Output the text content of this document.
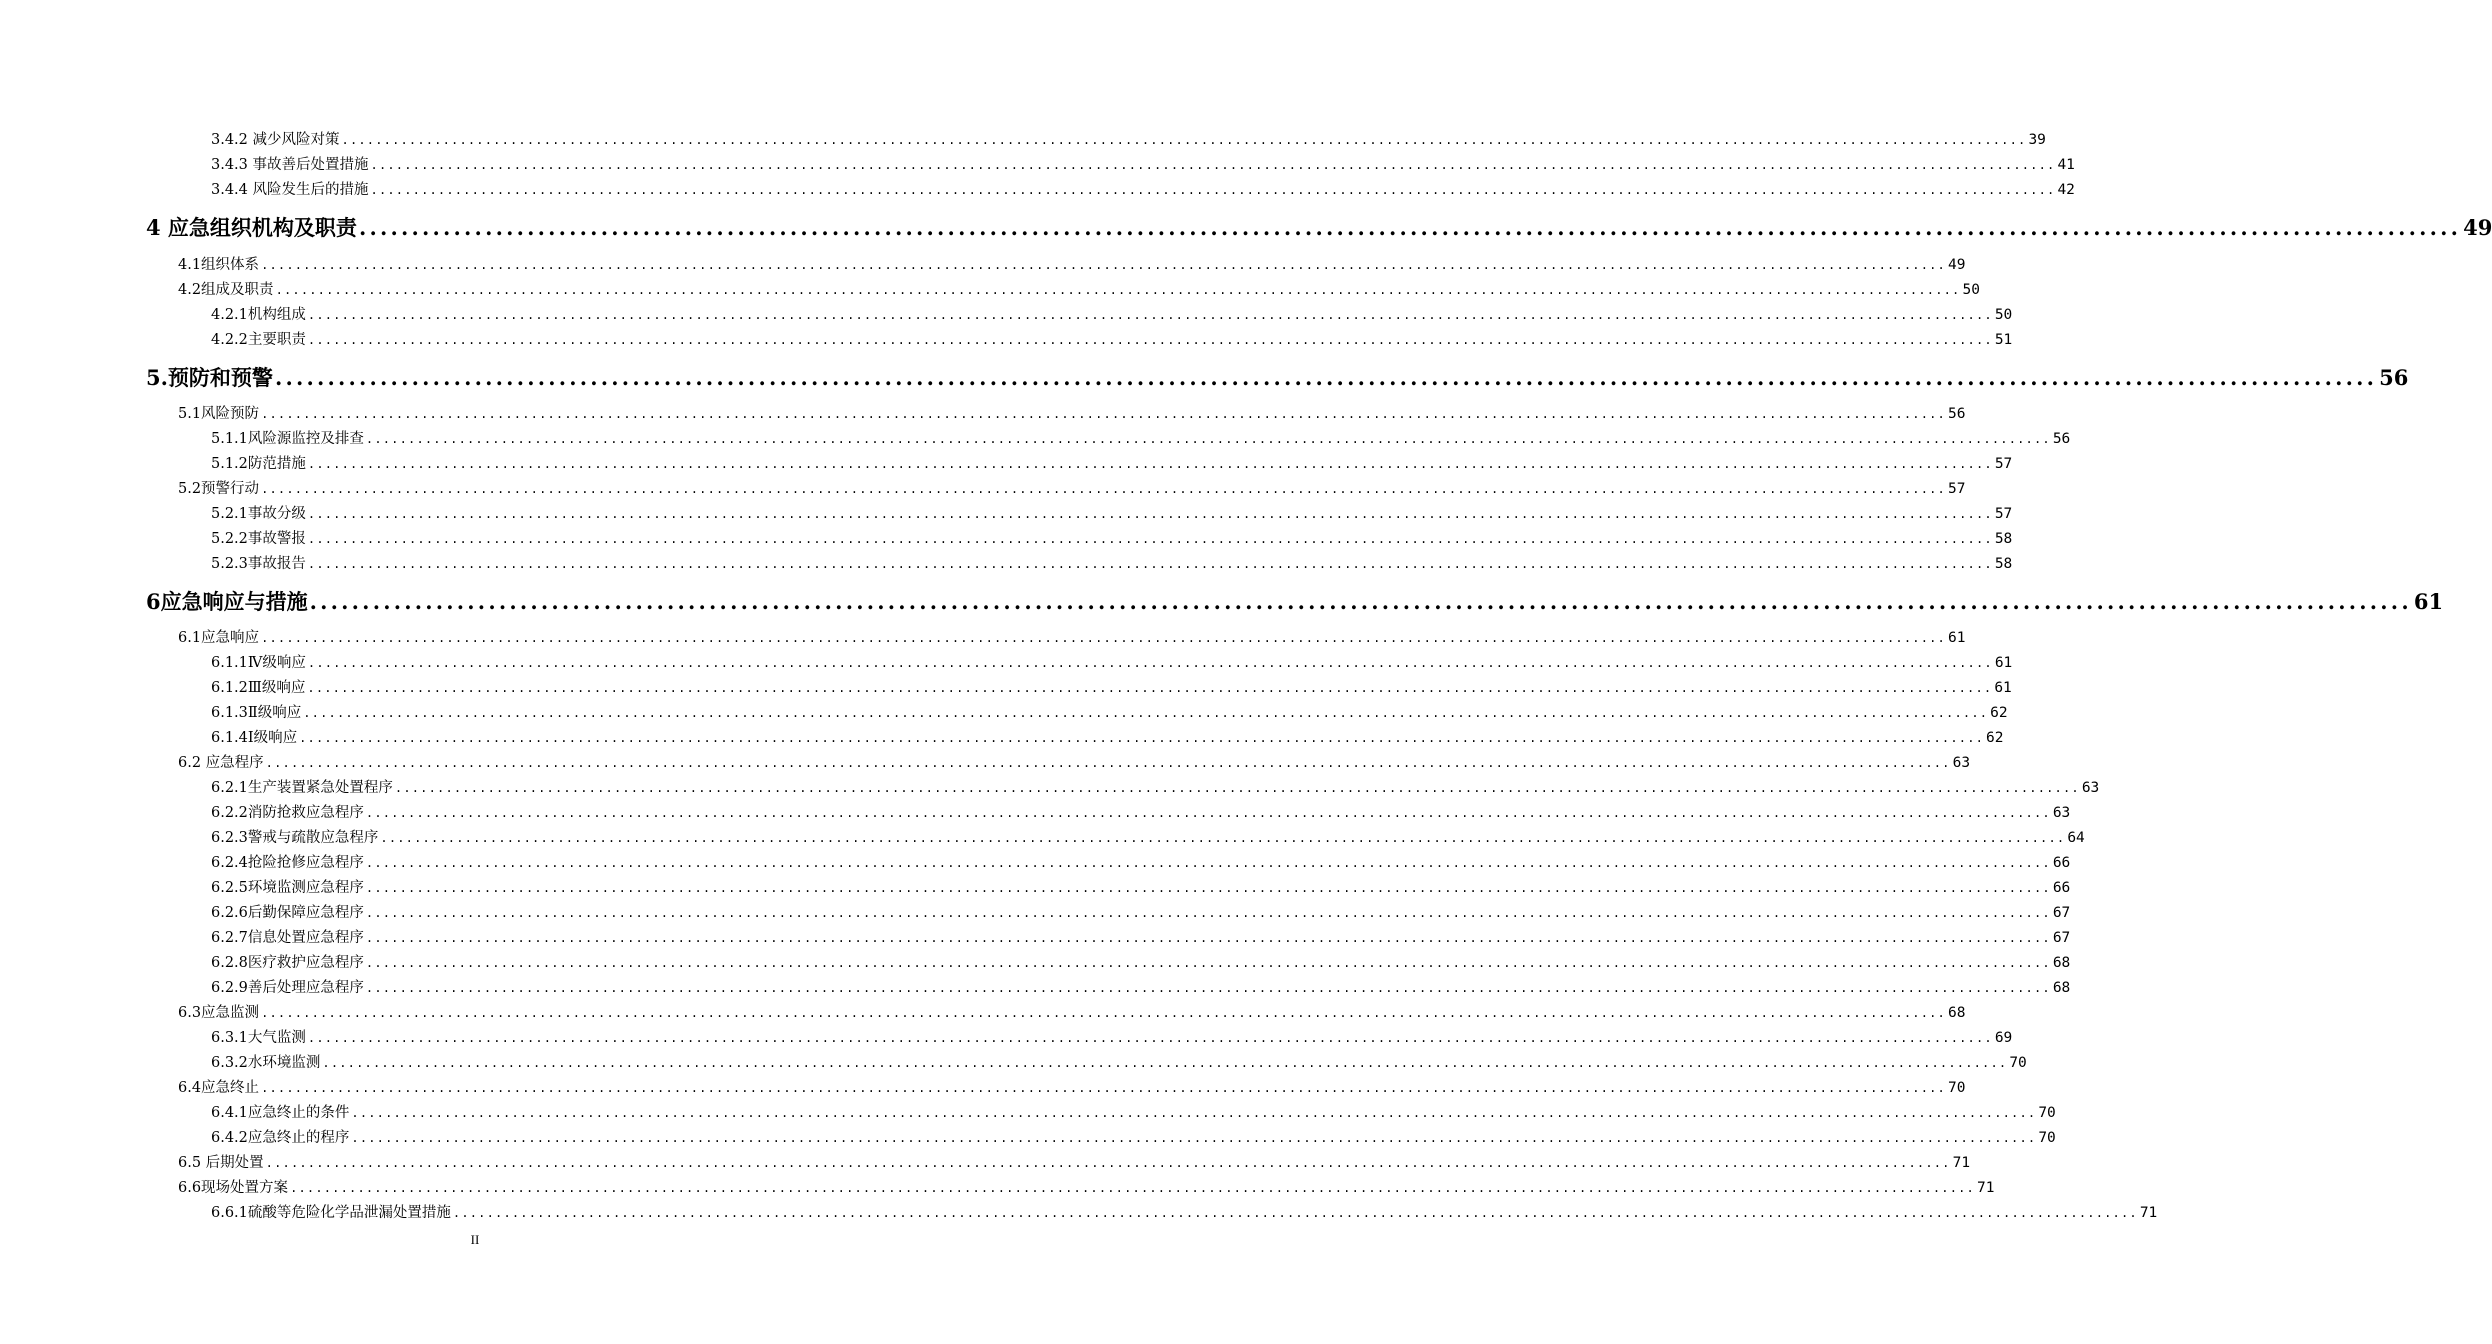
3.4.2 减少风险对策 ........................................................................................................................................................................................................ 39
3.4.3 事故善后处置措施 ........................................................................................................................................................................................................ 41
3.4.4 风险发生后的措施 ........................................................................................................................................................................................................ 42
4 应急组织机构及职责 ........................................................................................................................................................................................................ 49
4.1组织体系 ........................................................................................................................................................................................................ 49
4.2组成及职责 ........................................................................................................................................................................................................ 50
4.2.1机构组成 ........................................................................................................................................................................................................ 50
4.2.2主要职责 ........................................................................................................................................................................................................ 51
5.预防和预警 ........................................................................................................................................................................................................ 56
5.1风险预防 ........................................................................................................................................................................................................ 56
5.1.1风险源监控及排查 ........................................................................................................................................................................................................ 56
5.1.2防范措施 ........................................................................................................................................................................................................ 57
5.2预警行动 ........................................................................................................................................................................................................ 57
5.2.1事故分级 ........................................................................................................................................................................................................ 57
5.2.2事故警报 ........................................................................................................................................................................................................ 58
5.2.3事故报告 ........................................................................................................................................................................................................ 58
6应急响应与措施 ........................................................................................................................................................................................................ 61
6.1应急响应 ........................................................................................................................................................................................................ 61
6.1.1Ⅳ级响应 ........................................................................................................................................................................................................ 61
6.1.2Ⅲ级响应 ........................................................................................................................................................................................................ 61
6.1.3Ⅱ级响应 ........................................................................................................................................................................................................ 62
6.1.4Ⅰ级响应 ........................................................................................................................................................................................................ 62
6.2 应急程序 ........................................................................................................................................................................................................ 63
6.2.1生产装置紧急处置程序 ........................................................................................................................................................................................................ 63
6.2.2消防抢救应急程序 ........................................................................................................................................................................................................ 63
6.2.3警戒与疏散应急程序 ........................................................................................................................................................................................................ 64
6.2.4抢险抢修应急程序 ........................................................................................................................................................................................................ 66
6.2.5环境监测应急程序 ........................................................................................................................................................................................................ 66
6.2.6后勤保障应急程序 ........................................................................................................................................................................................................ 67
6.2.7信息处置应急程序 ........................................................................................................................................................................................................ 67
6.2.8医疗救护应急程序 ........................................................................................................................................................................................................ 68
6.2.9善后处理应急程序 ........................................................................................................................................................................................................ 68
6.3应急监测 ........................................................................................................................................................................................................ 68
6.3.1大气监测 ........................................................................................................................................................................................................ 69
6.3.2水环境监测 ........................................................................................................................................................................................................ 70
6.4应急终止 ........................................................................................................................................................................................................ 70
6.4.1应急终止的条件 ........................................................................................................................................................................................................ 70
6.4.2应急终止的程序 ........................................................................................................................................................................................................ 70
6.5 后期处置 ........................................................................................................................................................................................................ 71
6.6现场处置方案 ........................................................................................................................................................................................................ 71
6.6.1硫酸等危险化学品泄漏处置措施 ........................................................................................................................................................................................................ 71
II
